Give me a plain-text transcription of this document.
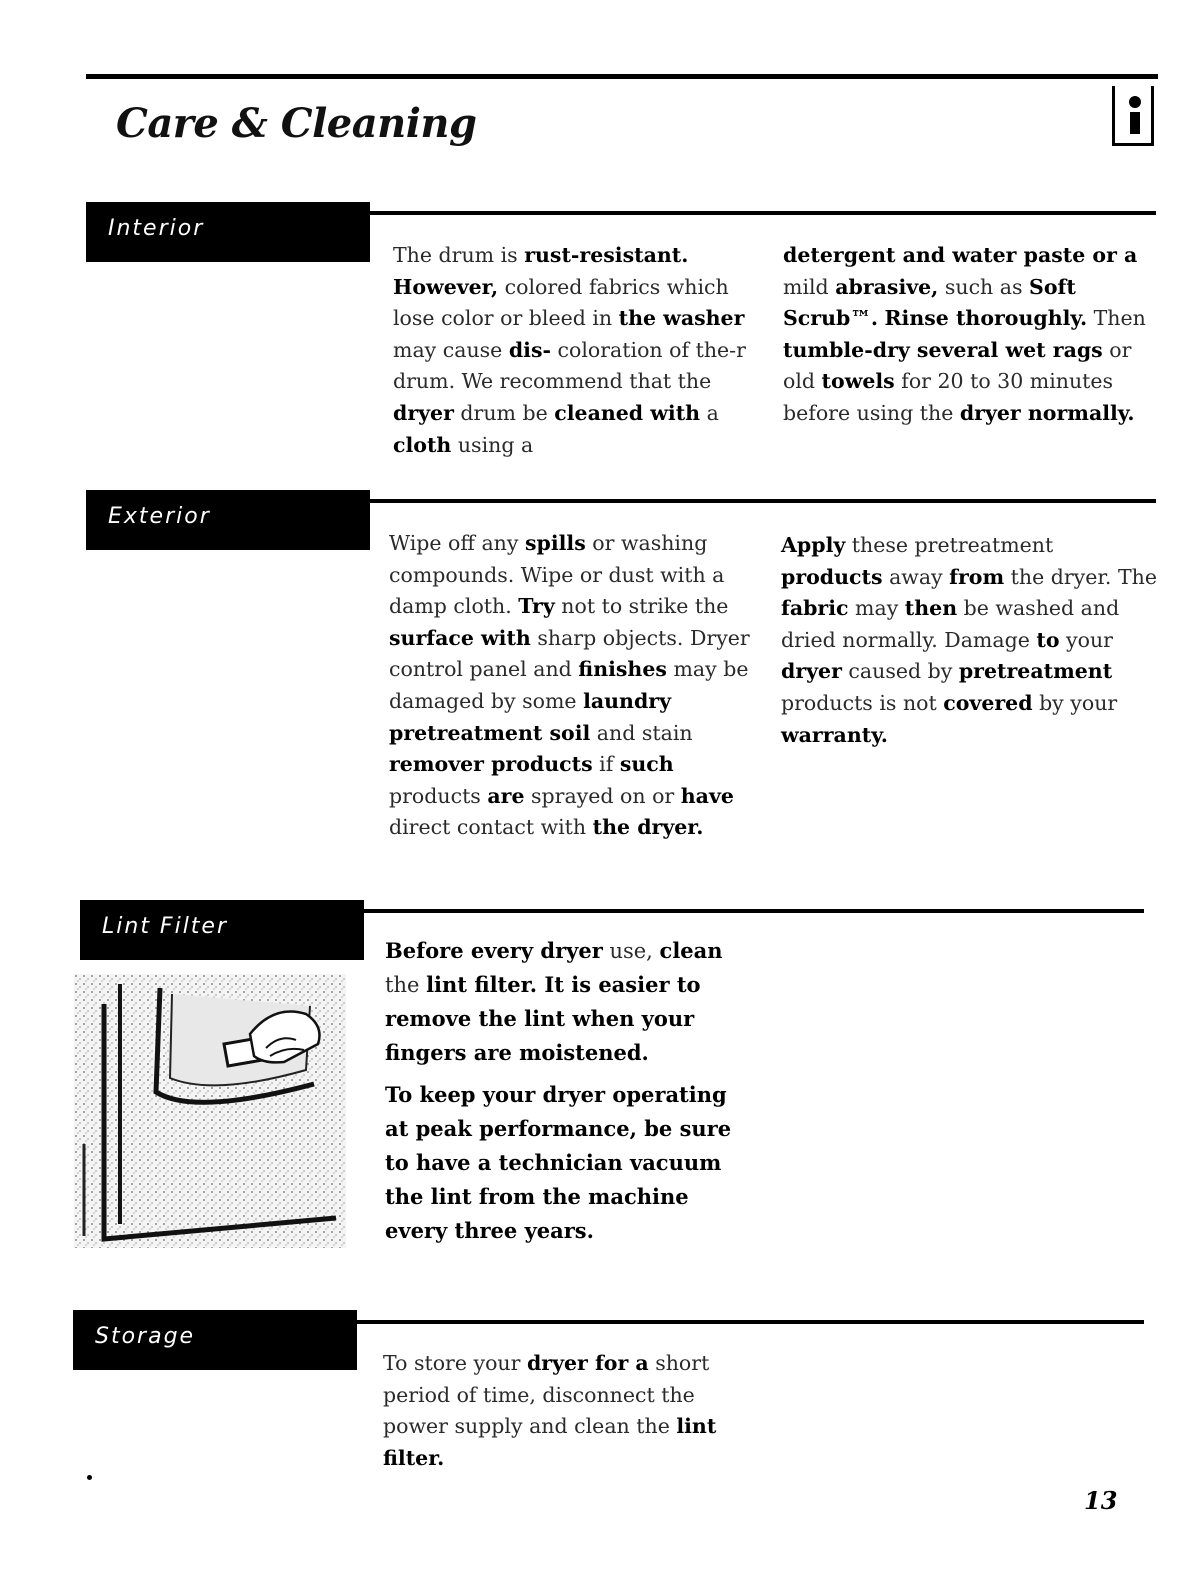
Care & Cleaning
Interior

The drum is rust-resistant. However, colored fabrics which lose color or bleed in the washer may cause dis- coloration of the-r drum. We recommend that the dryer drum be cleaned with a cloth using a

detergent and water paste or a mild abrasive, such as Soft Scrub™. Rinse thoroughly. Then tumble-dry several wet rags or old towels for 20 to 30 minutes before using the dryer normally.

Exterior

Wipe off any spills or washing compounds. Wipe or dust with a damp cloth. Try not to strike the surface with sharp objects. Dryer control panel and finishes may be damaged by some laundry pretreatment soil and stain remover products if such products are sprayed on or have direct contact with the dryer.

Apply these pretreatment products away from the dryer. The fabric may then be washed and dried normally. Damage to your dryer caused by pretreatment products is not covered by your warranty.

Lint Filter

Before every dryer use, clean the lint filter. It is easier to remove the lint when your fingers are moistened.

To keep your dryer operating at peak performance, be sure to have a technician vacuum the lint from the machine every three years.

Storage

To store your dryer for a short period of time, disconnect the power supply and clean the lint filter.

13
